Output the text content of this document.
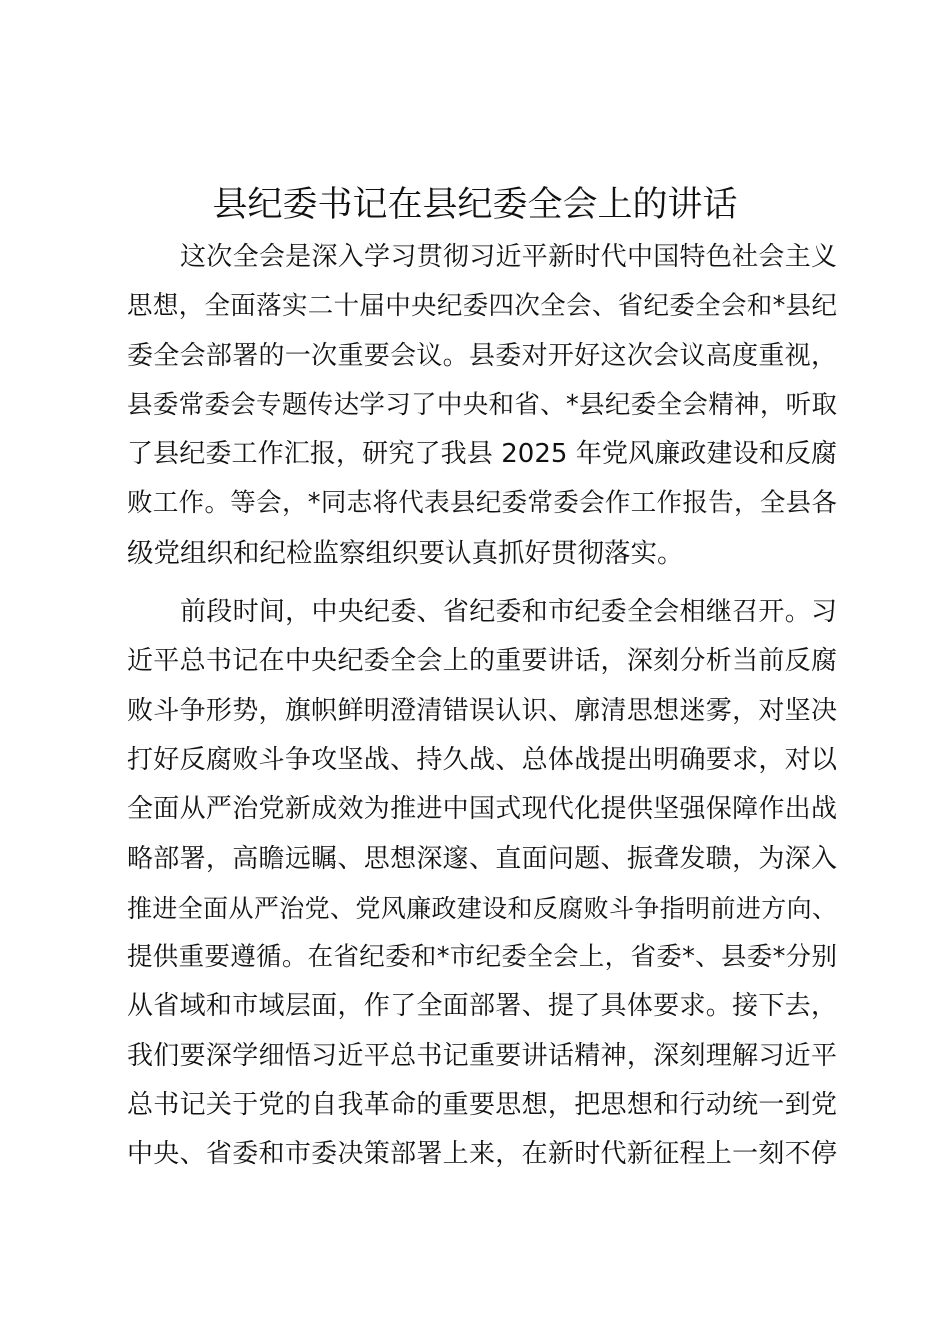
县纪委书记在县纪委全会上的讲话

这次全会是深入学习贯彻习近平新时代中国特色社会主义
思想，全面落实二十届中央纪委四次全会、省纪委全会和*县纪
委全会部署的一次重要会议。县委对开好这次会议高度重视，
县委常委会专题传达学习了中央和省、*县纪委全会精神，听取
了县纪委工作汇报，研究了我县 2025 年党风廉政建设和反腐
败工作。等会，*同志将代表县纪委常委会作工作报告，全县各
级党组织和纪检监察组织要认真抓好贯彻落实。

前段时间，中央纪委、省纪委和市纪委全会相继召开。习
近平总书记在中央纪委全会上的重要讲话，深刻分析当前反腐
败斗争形势，旗帜鲜明澄清错误认识、廓清思想迷雾，对坚决
打好反腐败斗争攻坚战、持久战、总体战提出明确要求，对以
全面从严治党新成效为推进中国式现代化提供坚强保障作出战
略部署，高瞻远瞩、思想深邃、直面问题、振聋发聩，为深入
推进全面从严治党、党风廉政建设和反腐败斗争指明前进方向、
提供重要遵循。在省纪委和*市纪委全会上，省委*、县委*分别
从省域和市域层面，作了全面部署、提了具体要求。接下去，
我们要深学细悟习近平总书记重要讲话精神，深刻理解习近平
总书记关于党的自我革命的重要思想，把思想和行动统一到党
中央、省委和市委决策部署上来，在新时代新征程上一刻不停
